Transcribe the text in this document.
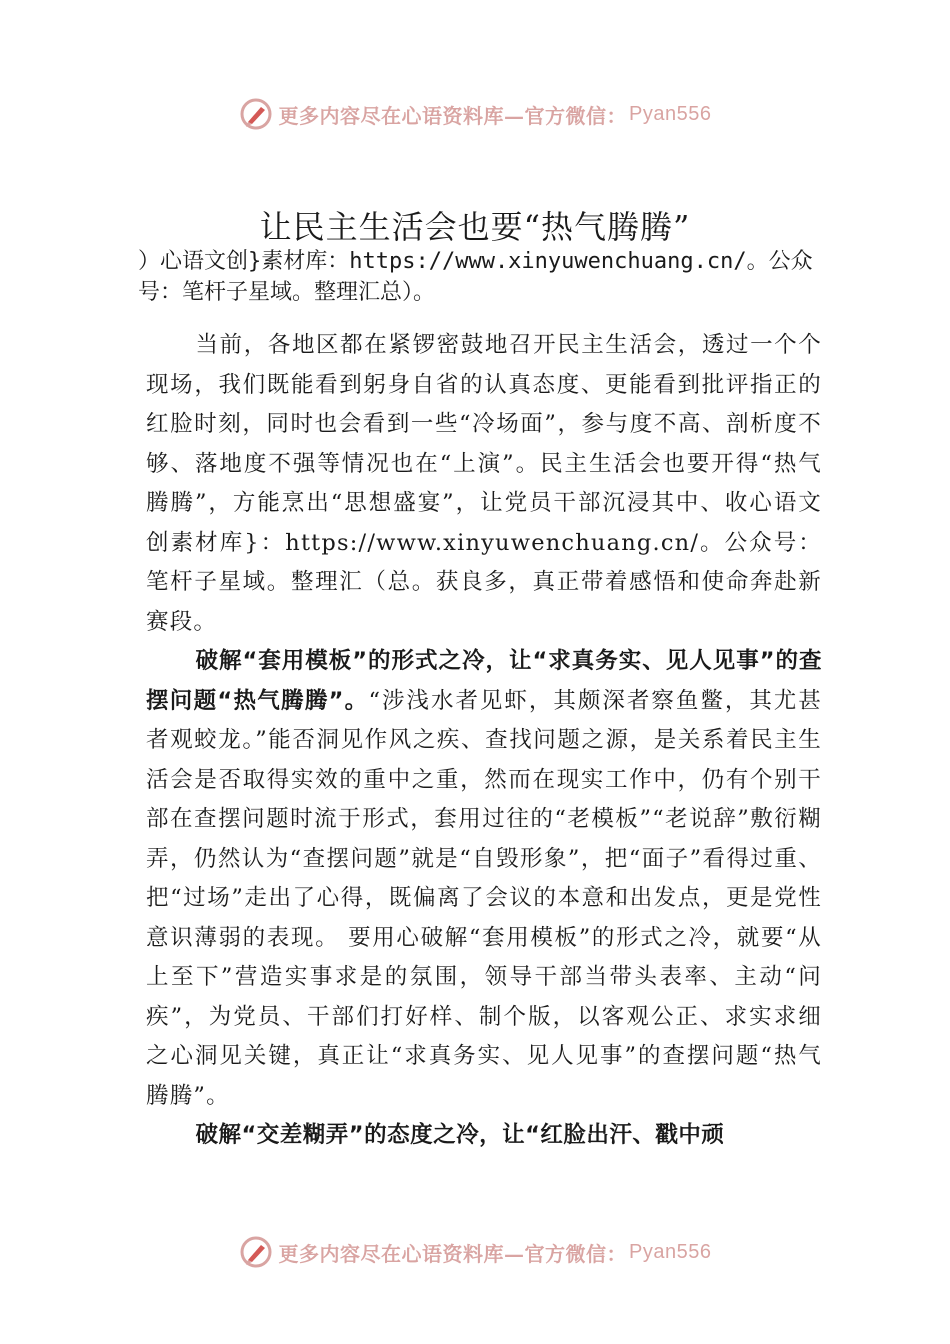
更多内容尽在心语资料库—官方微信： Pyan556
让民主生活会也要“热气腾腾”

）心语文创}素材库：https://www.xinyuwenchuang.cn/。公众号：笔杆子星域。整理汇总）。

当前，各地区都在紧锣密鼓地召开民主生活会，透过一个个现场，我们既能看到躬身自省的认真态度、更能看到批评指正的红脸时刻，同时也会看到一些“冷场面”，参与度不高、剖析度不够、落地度不强等情况也在“上演”。民主生活会也要开得“热气腾腾”，方能烹出“思想盛宴”，让党员干部沉浸其中、收心语文创素材库}：https://www.xinyuwenchuang.cn/。公众号：笔杆子星域。整理汇（总。获良多，真正带着感悟和使命奔赴新赛段。

破解“套用模板”的形式之冷，让“求真务实、见人见事”的查摆问题“热气腾腾”。“涉浅水者见虾，其颇深者察鱼鳖，其尤甚者观蛟龙。”能否洞见作风之疾、查找问题之源，是关系着民主生活会是否取得实效的重中之重，然而在现实工作中，仍有个别干部在查摆问题时流于形式，套用过往的“老模板”“老说辞”敷衍糊弄，仍然认为“查摆问题”就是“自毁形象”，把“面子”看得过重、把“过场”走出了心得，既偏离了会议的本意和出发点，更是党性意识薄弱的表现。 要用心破解“套用模板”的形式之冷，就要“从上至下”营造实事求是的氛围，领导干部当带头表率、主动“问疾”，为党员、干部们打好样、制个版，以客观公正、求实求细之心洞见关键，真正让“求真务实、见人见事”的查摆问题“热气腾腾”。

破解“交差糊弄”的态度之冷，让“红脸出汗、戳中顽

更多内容尽在心语资料库—官方微信： Pyan556
